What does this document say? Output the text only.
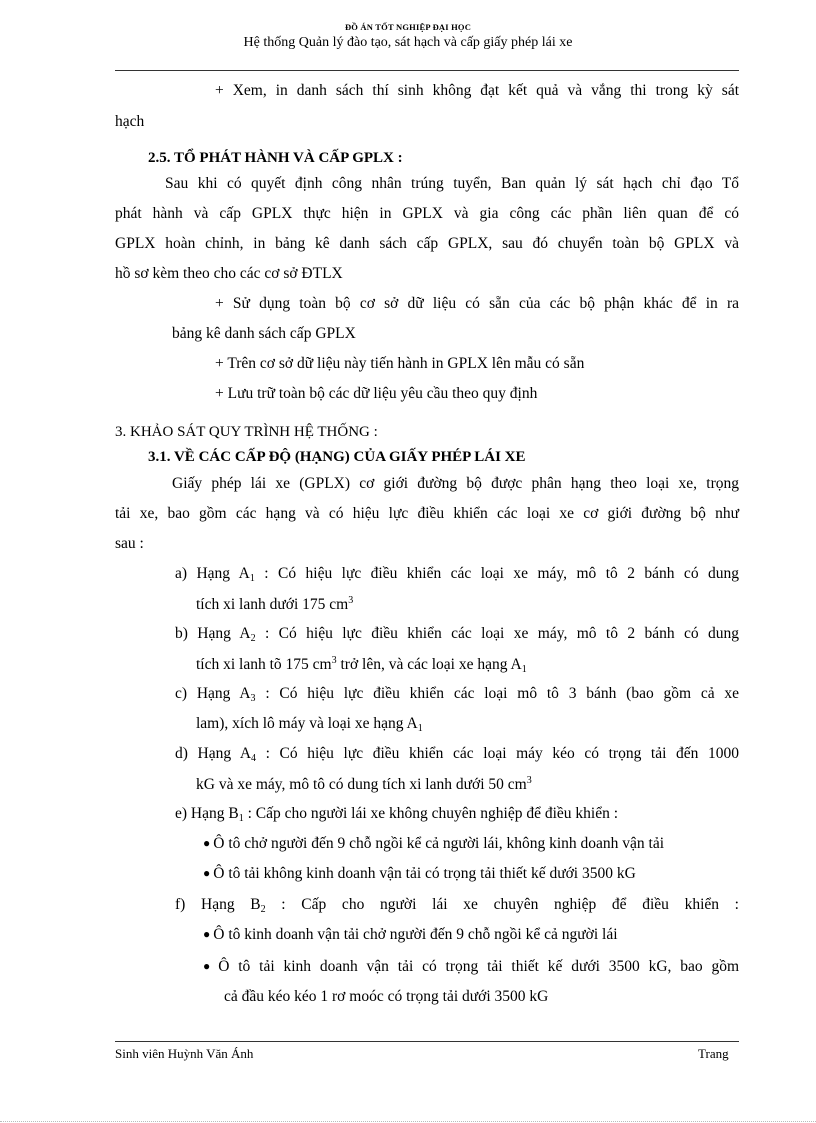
ĐỒ ÁN TỐT NGHIỆP ĐẠI HỌC
Hệ thống Quản lý đào tạo, sát hạch và cấp giấy phép lái xe
+ Xem, in danh sách thí sinh không đạt kết quả và vắng thi trong kỳ sát
hạch
2.5. TỔ PHÁT HÀNH VÀ CẤP GPLX :
Sau khi có quyết định công nhân trúng tuyển, Ban quản lý sát hạch chỉ đạo Tổ
phát hành và cấp GPLX thực hiện in GPLX và gia công các phần liên quan để có
GPLX hoàn chỉnh, in bảng kê danh sách cấp GPLX, sau đó chuyển toàn bộ GPLX và
hồ sơ kèm theo cho các cơ sở ĐTLX
+ Sử dụng toàn bộ cơ sở dữ liệu có sẵn của các bộ phận khác để in ra
bảng kê danh sách cấp GPLX
+ Trên cơ sở dữ liệu này tiến hành in GPLX lên mẫu có sẵn
+ Lưu trữ toàn bộ các dữ liệu yêu cầu theo quy định
3. KHẢO SÁT QUY TRÌNH HỆ THỐNG :
3.1. VỀ CÁC CẤP ĐỘ (HẠNG) CỦA GIẤY PHÉP LÁI XE
Giấy phép lái xe (GPLX) cơ giới đường bộ được phân hạng theo loại xe, trọng
tải xe, bao gồm các hạng và có hiệu lực điều khiển các loại xe cơ giới đường bộ như
sau :
a) Hạng $A_1$ : Có hiệu lực điều khiển các loại xe máy, mô tô 2 bánh có dung
tích xi lanh dưới 175 $cm^3$
b) Hạng $A_2$ : Có hiệu lực điều khiển các loại xe máy, mô tô 2 bánh có dung
tích xi lanh tõ 175 $cm^3$ trở lên, và các loại xe hạng $A_1$
c) Hạng $A_3$ : Có hiệu lực điều khiển các loại mô tô 3 bánh (bao gồm cả xe
lam), xích lô máy và loại xe hạng $A_1$
d) Hạng $A_4$ : Có hiệu lực điều khiển các loại máy kéo có trọng tải đến 1000
kG và xe máy, mô tô có dung tích xi lanh dưới 50 $cm^3$
e) Hạng $B_1$ : Cấp cho người lái xe không chuyên nghiệp để điều khiển :
● Ô tô chở người đến 9 chỗ ngồi kể cả người lái, không kinh doanh vận tải
● Ô tô tải không kinh doanh vận tải có trọng tải thiết kế dưới 3500 kG
f) Hạng $B_2$ : Cấp cho người lái xe chuyên nghiệp để điều khiển :
● Ô tô kinh doanh vận tải chở người đến 9 chỗ ngồi kể cả người lái
● Ô tô tải kinh doanh vận tải có trọng tải thiết kế dưới 3500 kG, bao gồm
cả đầu kéo kéo 1 rơ moóc có trọng tải dưới 3500 kG
Sinh viên Huỳnh Văn Ánh	Trang
